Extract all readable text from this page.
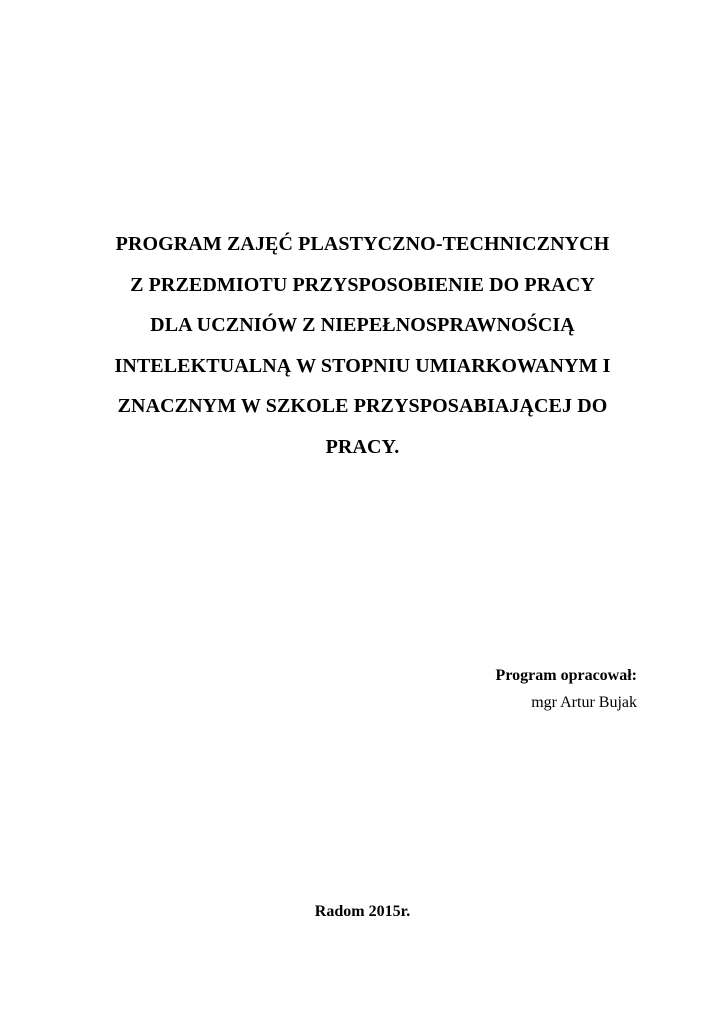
PROGRAM ZAJĘĆ PLASTYCZNO-TECHNICZNYCH
Z PRZEDMIOTU PRZYSPOSOBIENIE DO PRACY
DLA UCZNIÓW Z NIEPEŁNOSPRAWNOŚCIĄ
INTELEKTUALNĄ W STOPNIU UMIARKOWANYM I
ZNACZNYM W SZKOLE PRZYSPOSABIAJĄCEJ DO
PRACY.
Program opracował:
mgr Artur Bujak
Radom 2015r.
